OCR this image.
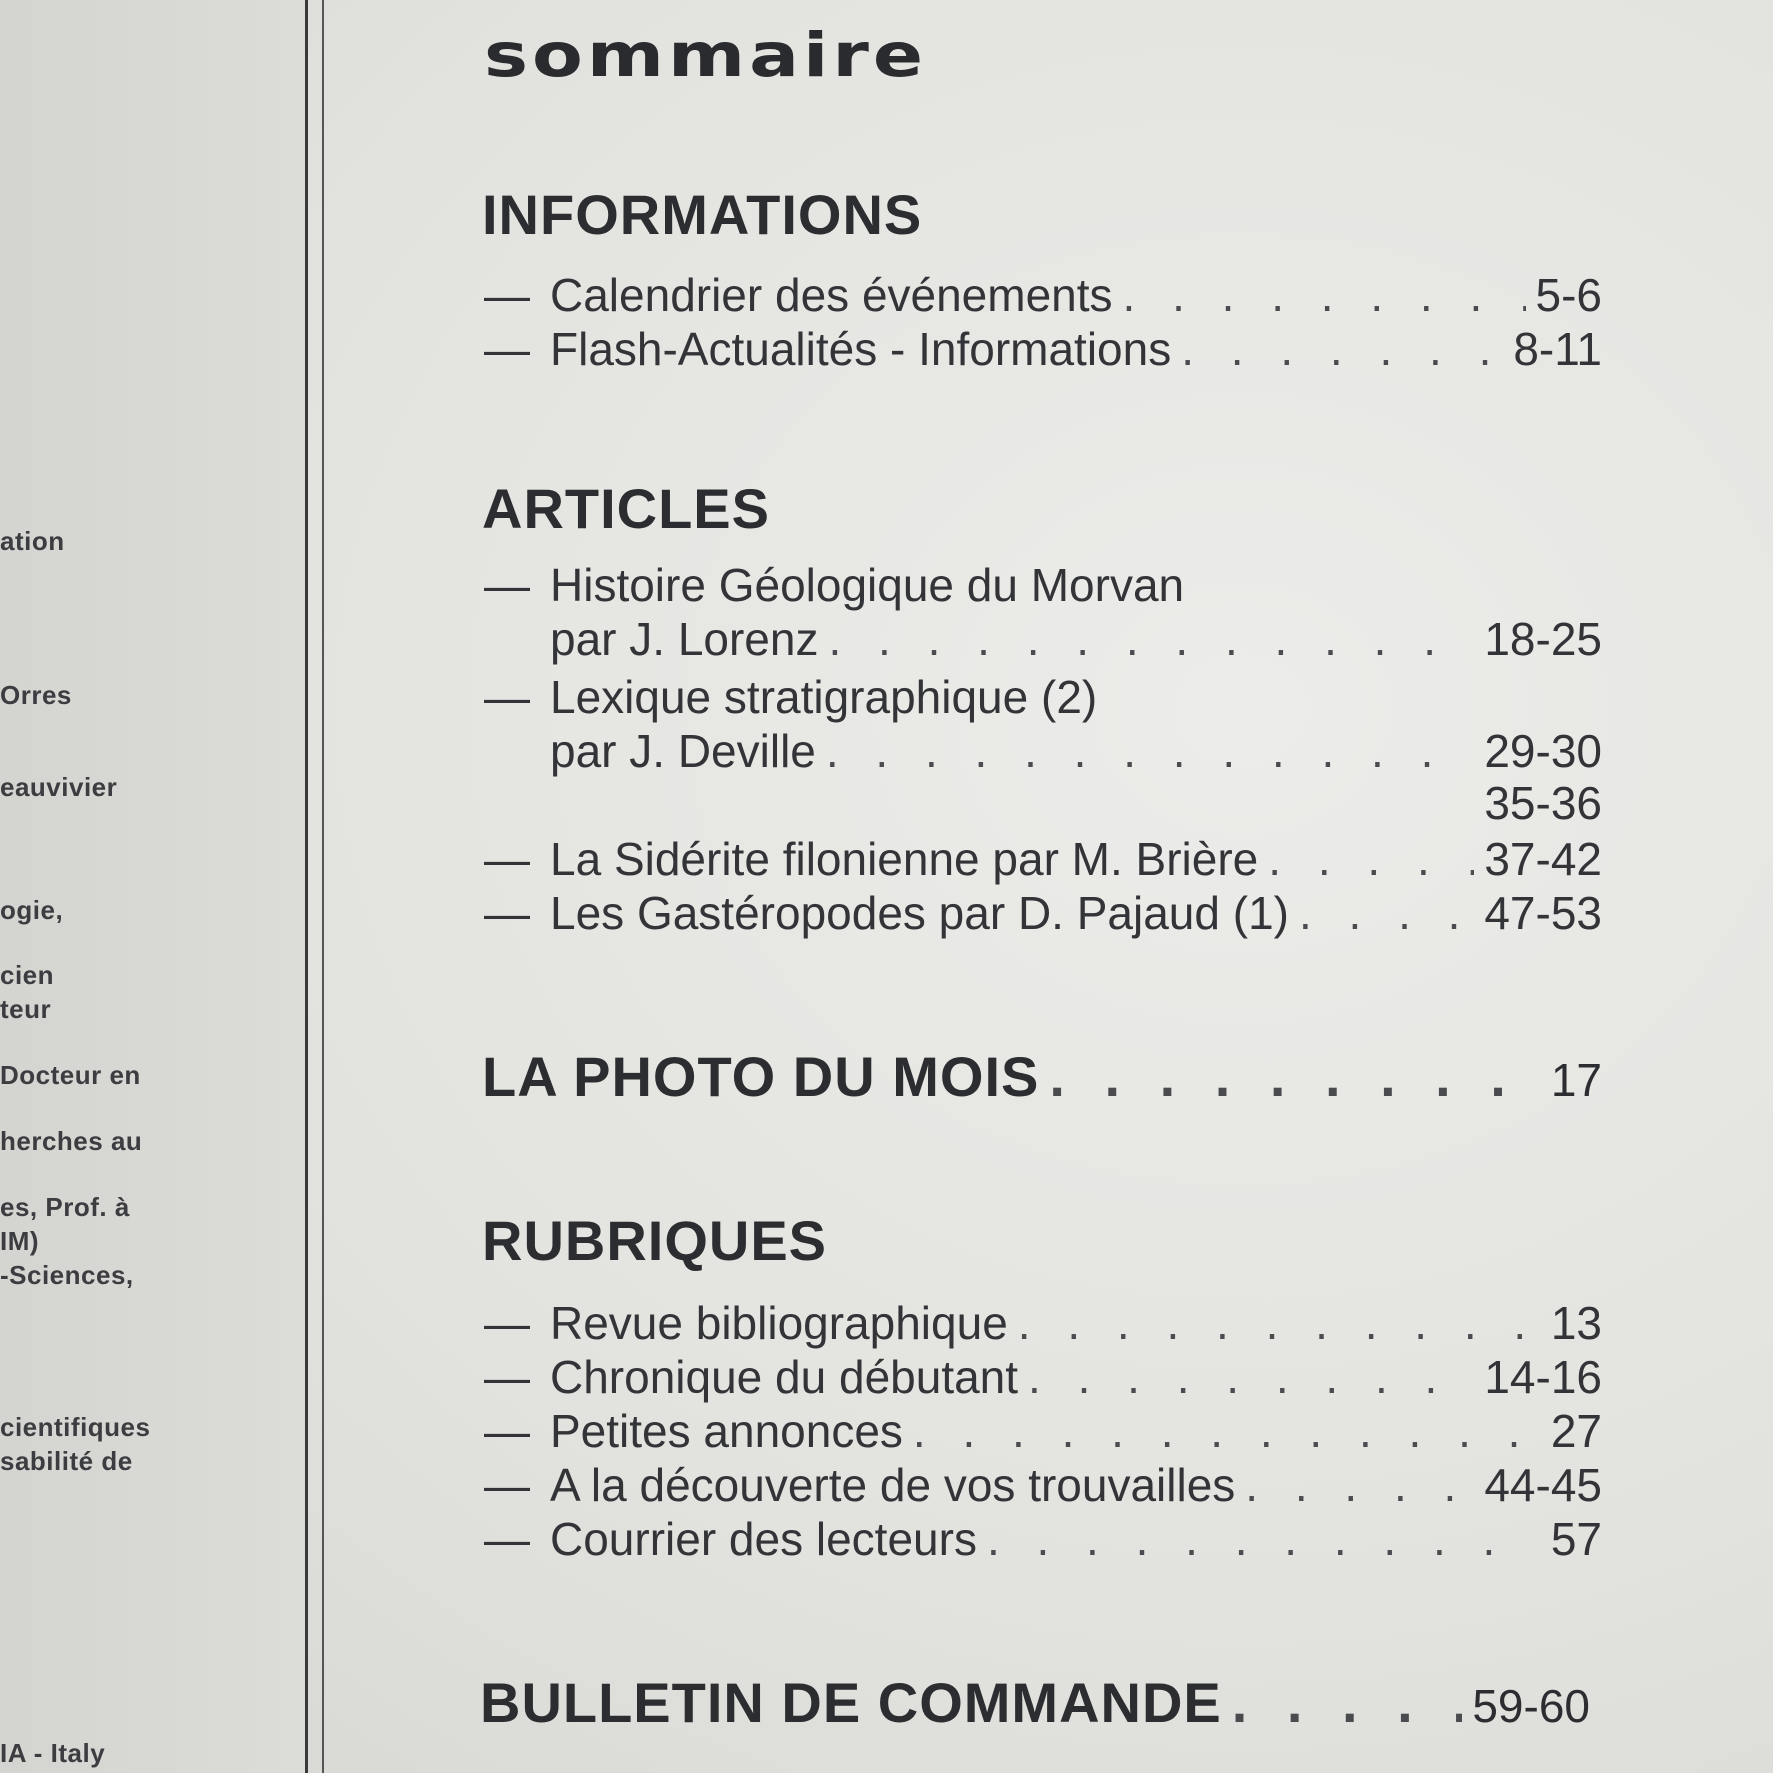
ation
Orres
eauvivier
ogie,
cien
teur
Docteur en
herches au
es, Prof. à
IM)
-Sciences,
cientifiques
sabilité de
IA - Italy
sommaire
INFORMATIONS
— Calendrier des événements . . .	5-6
— Flash-Actualités - Informations . . .	8-11
ARTICLES
— Histoire Géologique du Morvan
par J. Lorenz . . .	18-25
— Lexique stratigraphique (2)
par J. Deville . . .	29-30
35-36
— La Sidérite filonienne par M. Brière . . .	37-42
— Les Gastéropodes par D. Pajaud (1) . . .	47-53
LA PHOTO DU MOIS . . .	17
RUBRIQUES
— Revue bibliographique . . .	13
— Chronique du débutant . . .	14-16
— Petites annonces . . .	27
— A la découverte de vos trouvailles . . .	44-45
— Courrier des lecteurs . . .	57
BULLETIN DE COMMANDE . . .	59-60
